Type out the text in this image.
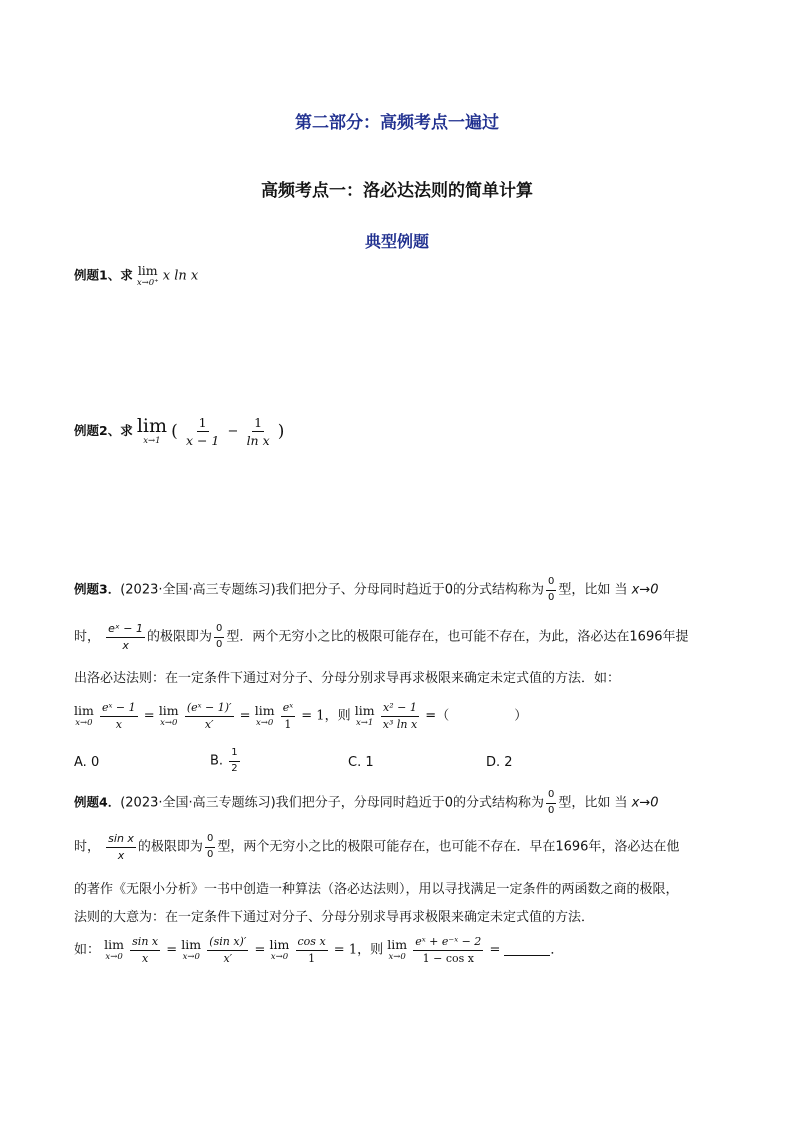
第二部分：高频考点一遍过
高频考点一：洛必达法则的简单计算
典型例题
例题1、求 lim
x→0⁺ x ln x
例题2、求 lim
x→1 ( $\frac{1}{x - 1} - \frac{1}{\text{ln x}}$ )
例题3．(2023·全国·高三专题练习)我们把分子、分母同时趋近于0的分式结构称为 $\frac{0}{0}$ 型，比如 当 x→0
时， $\frac{\text{eˣ − 1}}{x}$ 的极限即为 $\frac{0}{0}$ 型．两个无穷小之比的极限可能存在，也可能不存在，为此，洛必达在1696年提
出洛必达法则：在一定条件下通过对分子、分母分别求导再求极限来确定未定式值的方法．如：
lim
x→0
$\frac{\text{eˣ − 1}}{x} = \lim$
x→0
$\frac{\text{(eˣ − 1)′}}{x'} = \lim$
x→0
$\frac{\text{eˣ}}{1} = 1$，则 lim
x→1
$\frac{\text{x² − 1}}{\text{x³ ln x}}$ =（　　　　　）
A. 0	B. $\frac{1}{2}$	C. 1	D. 2
例题4．(2023·全国·高三专题练习)我们把分子，分母同时趋近于0的分式结构称为 $\frac{0}{0}$ 型，比如 当 x→0
时， $\frac{\text{sin x}}{x}$ 的极限即为 $\frac{0}{0}$ 型，两个无穷小之比的极限可能存在，也可能不存在．早在1696年，洛必达在他
的著作《无限小分析》一书中创造一种算法（洛必达法则），用以寻找满足一定条件的两函数之商的极限，
法则的大意为：在一定条件下通过对分子、分母分别求导再求极限来确定未定式值的方法．
如： lim
x→0
$\frac{\text{sin x}}{x} = \lim$
x→0
$\frac{\text{(sin x)′}}{x'} = \lim$
x→0
$\frac{\text{cos x}}{1} = 1$，则 lim
x→0
$\frac{\text{eˣ + e⁻ˣ − 2}}{\text{1 − cos x}}$ =	．
